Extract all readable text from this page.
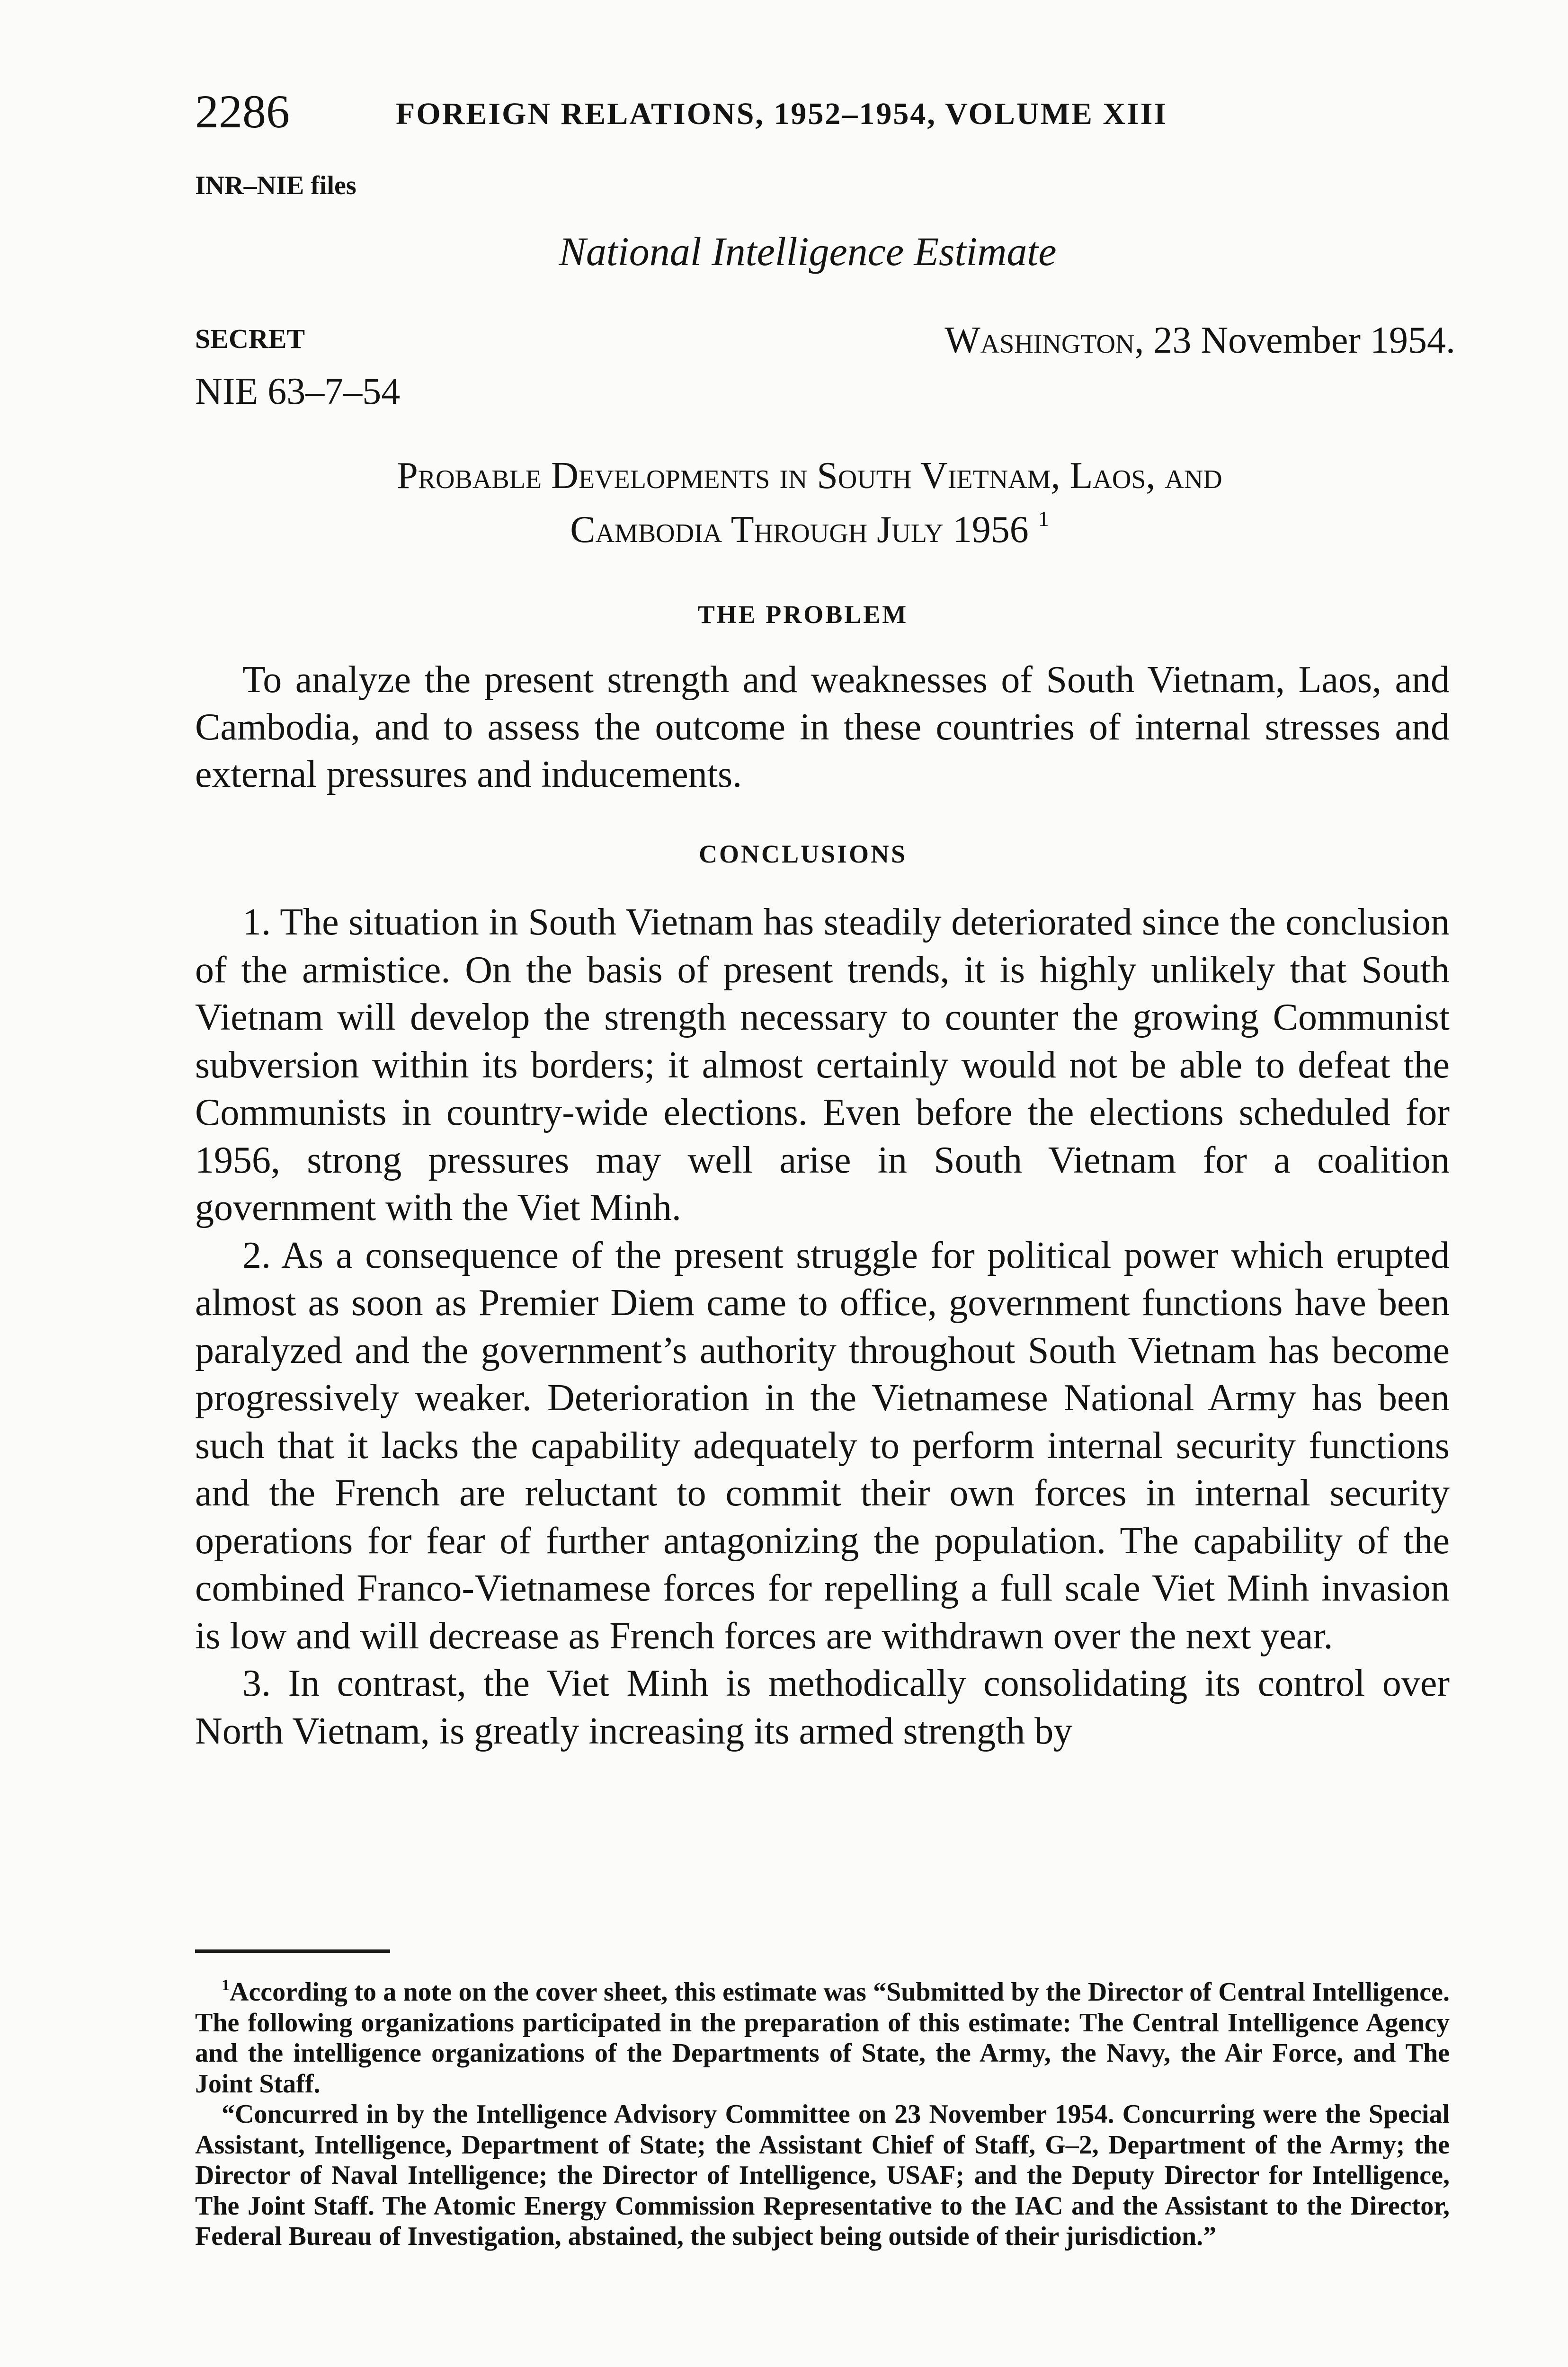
2286	FOREIGN RELATIONS, 1952–1954, VOLUME XIII
INR–NIE files
National Intelligence Estimate
SECRET	Washington, 23 November 1954.
NIE 63–7–54
Probable Developments in South Vietnam, Laos, and
Cambodia Through July 1956 $^1$
THE PROBLEM

To analyze the present strength and weaknesses of South Vietnam, Laos, and Cambodia, and to assess the outcome in these countries of internal stresses and external pressures and inducements.

CONCLUSIONS

1. The situation in South Vietnam has steadily deteriorated since the conclusion of the armistice. On the basis of present trends, it is highly unlikely that South Vietnam will develop the strength necessary to counter the growing Communist subversion within its borders; it almost certainly would not be able to defeat the Communists in country-wide elections. Even before the elections scheduled for 1956, strong pressures may well arise in South Vietnam for a coalition government with the Viet Minh.

2. As a consequence of the present struggle for political power which erupted almost as soon as Premier Diem came to office, government functions have been paralyzed and the government’s authority throughout South Vietnam has become progressively weaker. Deterioration in the Vietnamese National Army has been such that it lacks the capability adequately to perform internal security functions and the French are reluctant to commit their own forces in internal security operations for fear of further antagonizing the population. The capability of the combined Franco-Vietnamese forces for repelling a full scale Viet Minh invasion is low and will decrease as French forces are withdrawn over the next year.

3. In contrast, the Viet Minh is methodically consolidating its control over North Vietnam, is greatly increasing its armed strength by

$^1$According to a note on the cover sheet, this estimate was “Submitted by the Director of Central Intelligence. The following organizations participated in the preparation of this estimate: The Central Intelligence Agency and the intelligence organizations of the Departments of State, the Army, the Navy, the Air Force, and The Joint Staff.

“Concurred in by the Intelligence Advisory Committee on 23 November 1954. Concurring were the Special Assistant, Intelligence, Department of State; the Assistant Chief of Staff, G–2, Department of the Army; the Director of Naval Intelligence; the Director of Intelligence, USAF; and the Deputy Director for Intelligence, The Joint Staff. The Atomic Energy Commission Representative to the IAC and the Assistant to the Director, Federal Bureau of Investigation, abstained, the subject being outside of their jurisdiction.”
